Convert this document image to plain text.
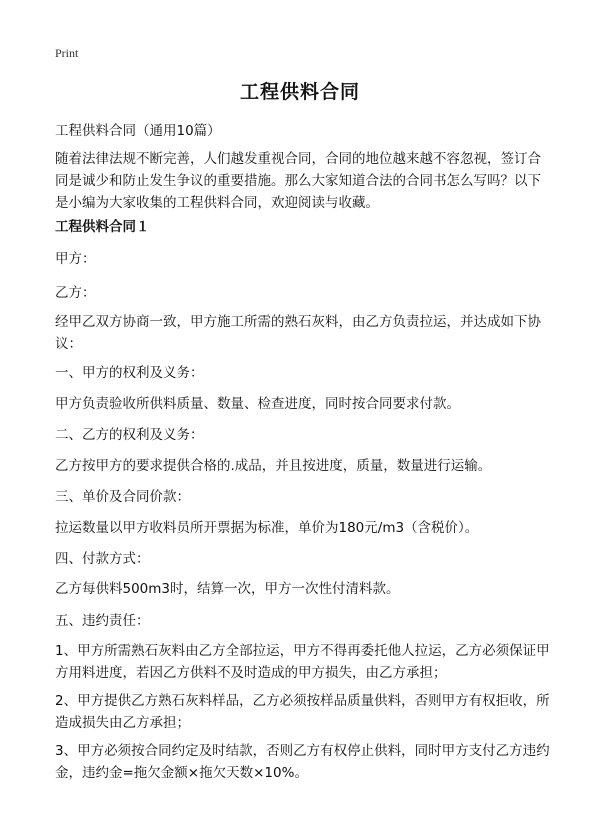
Print
工程供料合同

工程供料合同（通用10篇）

随着法律法规不断完善，人们越发重视合同，合同的地位越来越不容忽视，签订合同是诚少和防止发生争议的重要措施。那么大家知道合法的合同书怎么写吗？以下是小编为大家收集的工程供料合同，欢迎阅读与收藏。

工程供料合同１

甲方：

乙方：

经甲乙双方协商一致，甲方施工所需的熟石灰料，由乙方负责拉运，并达成如下协议：

一、甲方的权利及义务：

甲方负责验收所供料质量、数量、检查进度，同时按合同要求付款。

二、乙方的权利及义务：

乙方按甲方的要求提供合格的.成品，并且按进度，质量，数量进行运输。

三、单价及合同价款：

拉运数量以甲方收料员所开票据为标准，单价为180元/m3（含税价）。

四、付款方式：

乙方每供料500m3时，结算一次，甲方一次性付清料款。

五、违约责任：

1、甲方所需熟石灰料由乙方全部拉运，甲方不得再委托他人拉运，乙方必须保证甲方用料进度，若因乙方供料不及时造成的甲方损失，由乙方承担；

2、甲方提供乙方熟石灰料样品，乙方必须按样品质量供料，否则甲方有权拒收，所造成损失由乙方承担；

3、甲方必须按合同约定及时结款，否则乙方有权停止供料，同时甲方支付乙方违约金，违约金=拖欠金额×拖欠天数×10%。
